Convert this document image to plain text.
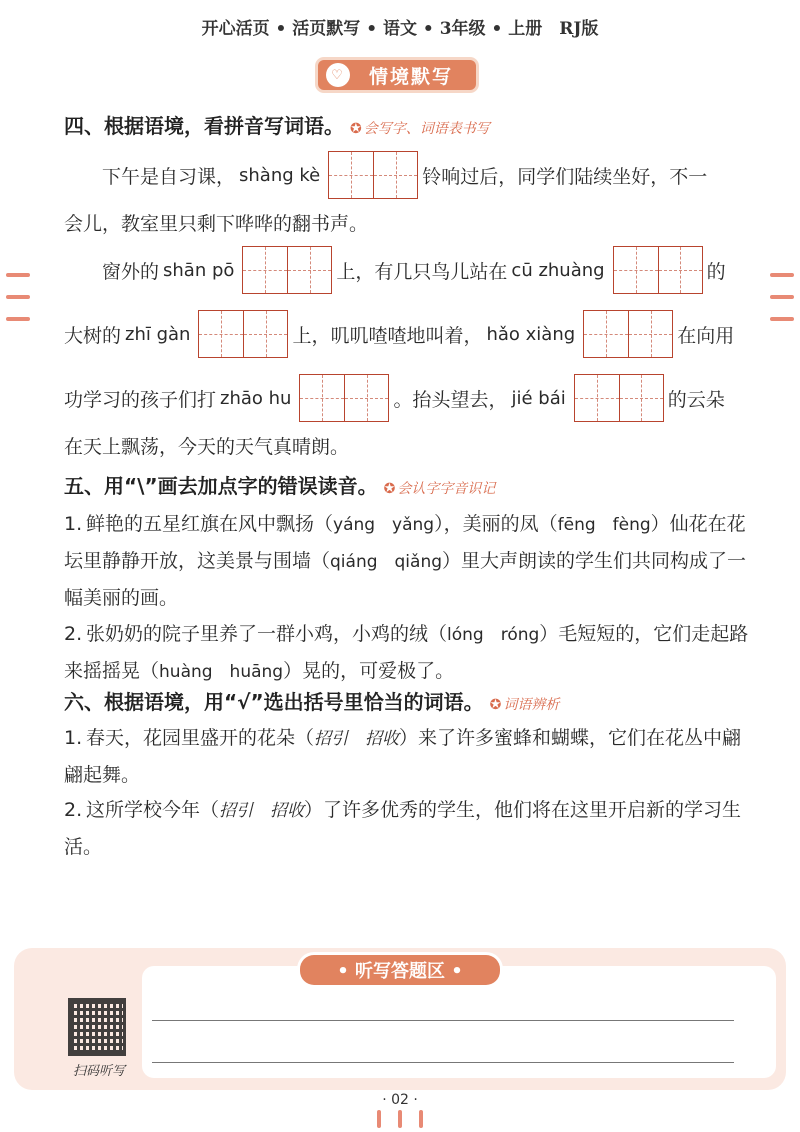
开心活页 • 活页默写 • 语文 • 3年级 • 上册　RJ版
♡ 情境默写
四、根据语境，看拼音写词语。 ✪ 会写字、词语表书写
下午是自习课， shàng kè	铃响过后，同学们陆续坐好，不一
会儿，教室里只剩下哗哗的翻书声。
窗外的 shān pō	上，有几只鸟儿站在 cū zhuàng	的
大树的 zhī gàn	上，叽叽喳喳地叫着， hǎo xiàng	在向用
功学习的孩子们打 zhāo hu	。抬头望去， jié bái	的云朵
在天上飘荡，今天的天气真晴朗。
五、用“\”画去加点字的错误读音。 ✪ 会认字字音识记
1. 鲜艳的五星红旗在风中飘扬（yáng　yǎng），美丽的凤（fēng　fèng）仙花在花坛里静静开放，这美景与围墙（qiáng　qiǎng）里大声朗读的学生们共同构成了一幅美丽的画。
2. 张奶奶的院子里养了一群小鸡，小鸡的绒（lóng　róng）毛短短的，它们走起路来摇摇晃（huàng　huāng）晃的，可爱极了。
六、根据语境，用“√”选出括号里恰当的词语。 ✪ 词语辨析
1. 春天，花园里盛开的花朵（招引　招收）来了许多蜜蜂和蝴蝶，它们在花丛中翩翩起舞。
2. 这所学校今年（招引　招收）了许多优秀的学生，他们将在这里开启新的学习生活。
• 听写答题区 •
扫码听写
· 02 ·
